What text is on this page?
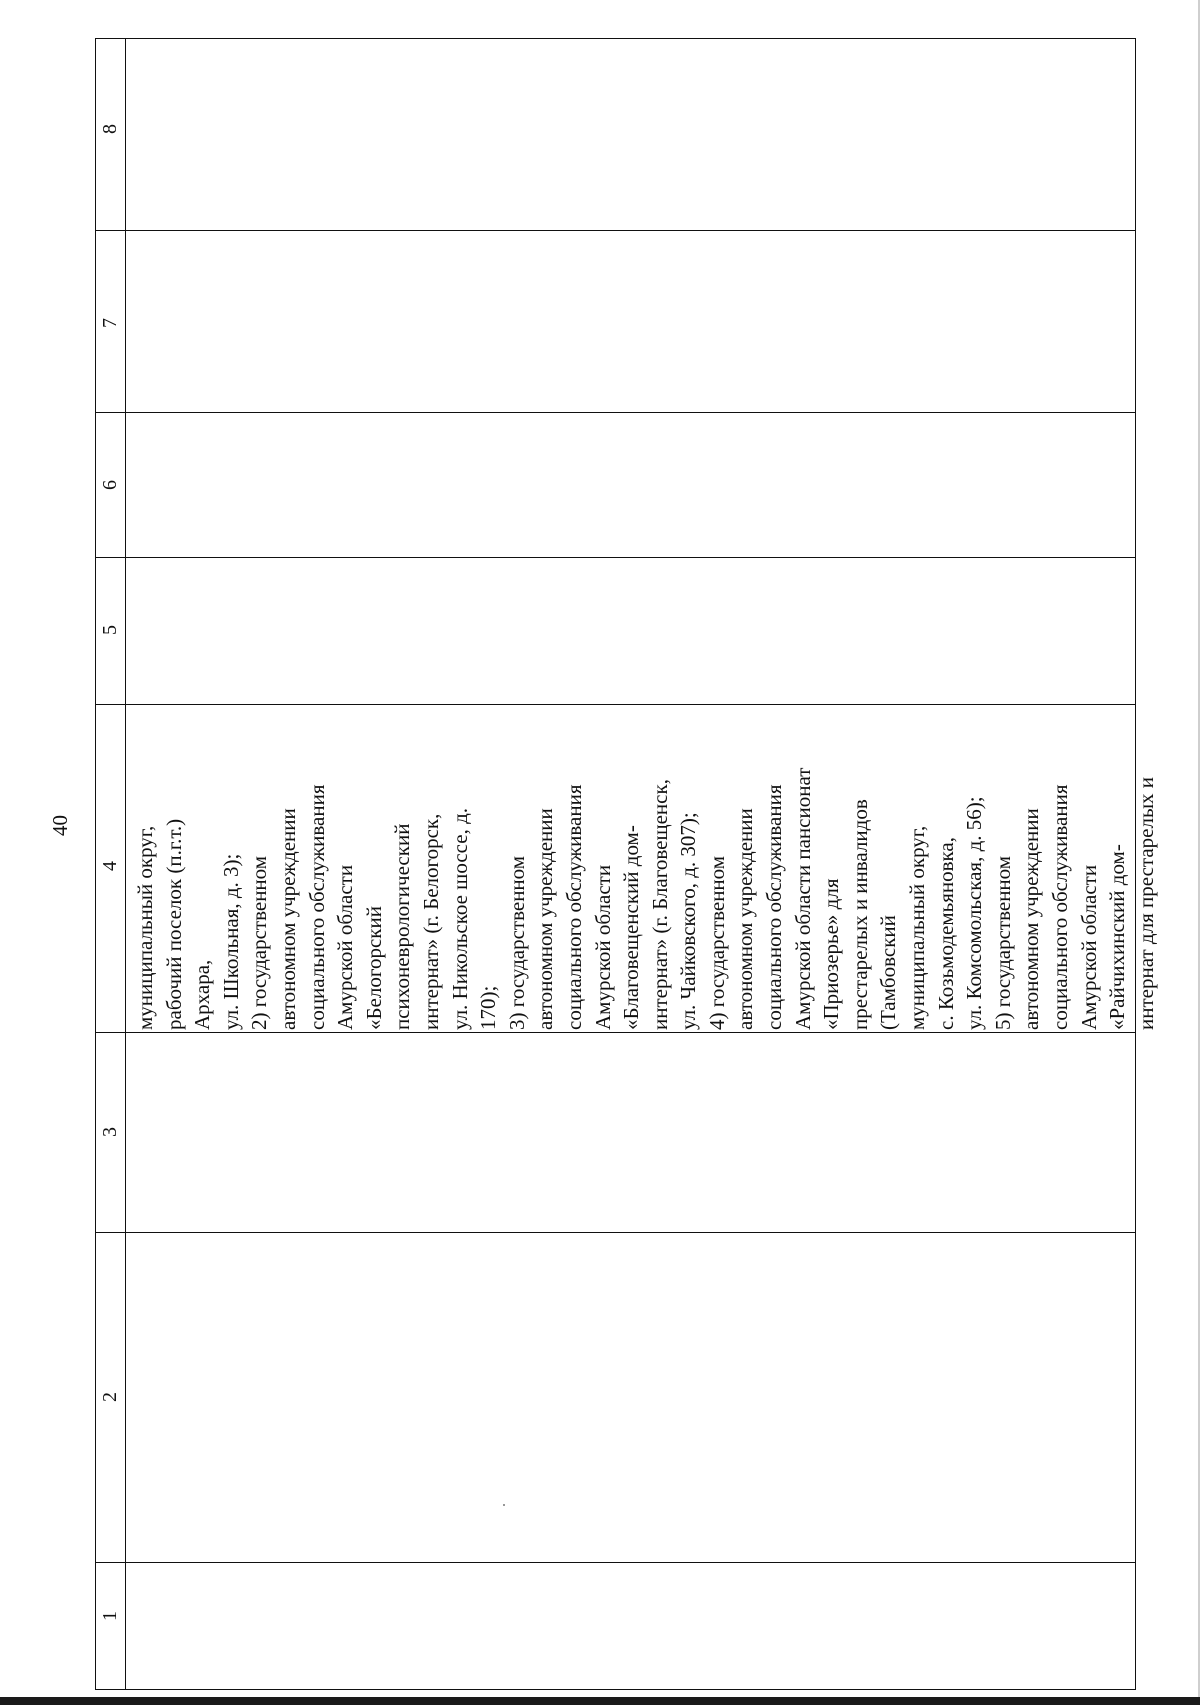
40
8
7
6
5
4
3
2
1
муниципальный округ, рабочий поселок (п.г.т.) Архара, ул. Школьная, д. 3); 2) государственном автономном учреждении социального обслуживания Амурской области «Белогорский психоневрологический интернат» (г. Белогорск, ул. Никольское шоссе, д. 170); 3) государственном автономном учреждении социального обслуживания Амурской области «Благовещенский дом- интернат» (г. Благовещенск, ул. Чайковского, д. 307); 4) государственном автономном учреждении социального обслуживания Амурской области пансионат «Приозерье» для престарелых и инвалидов (Тамбовский муниципальный округ, с. Козьмодемьяновка, ул. Комсомольская, д. 56); 5) государственном автономном учреждении социального обслуживания Амурской области «Райчихинский дом- интернат для престарелых и
